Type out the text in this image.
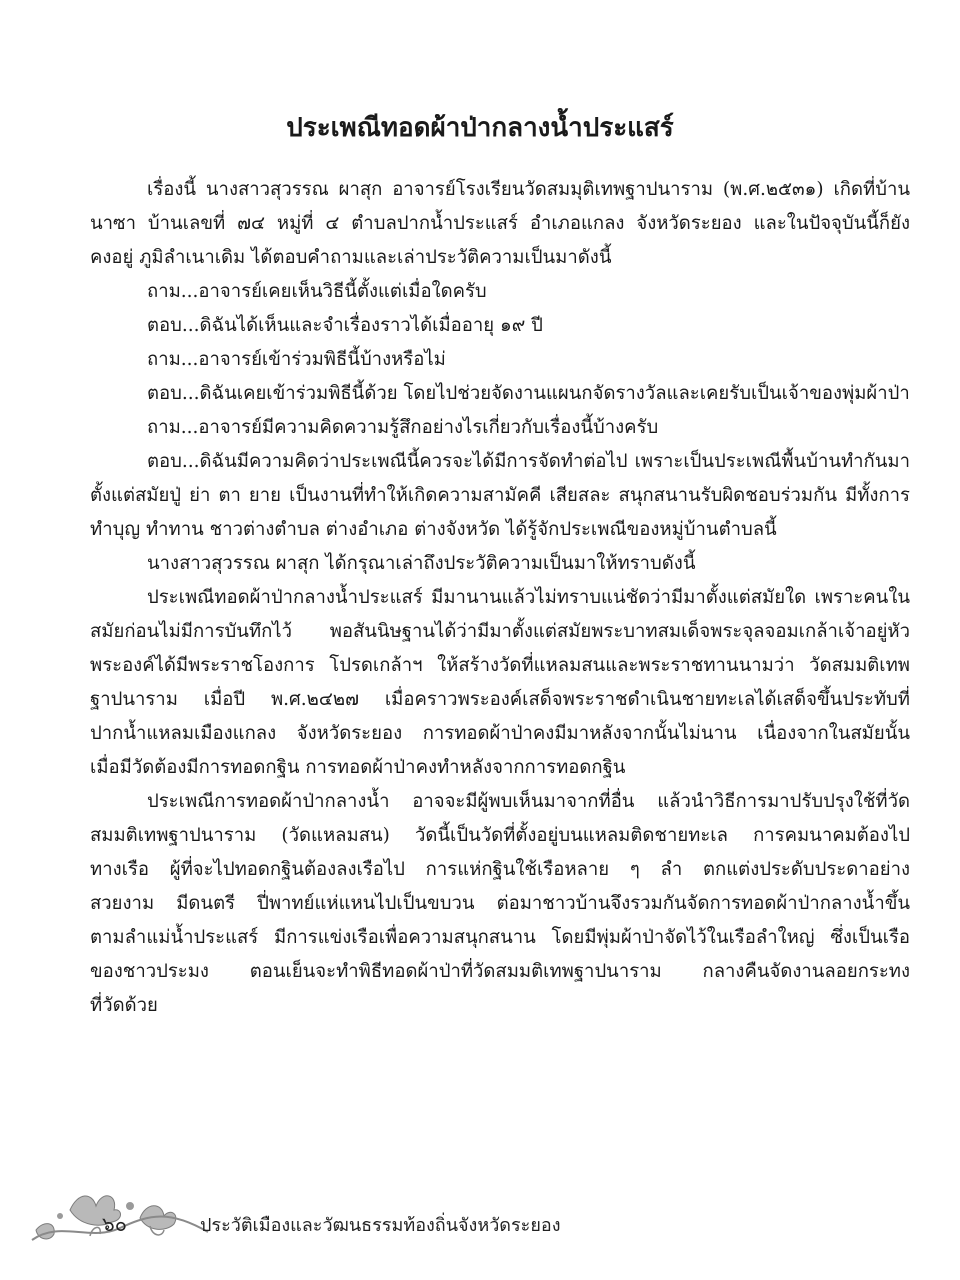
ประเพณีทอดผ้าป่ากลางน้ำประแสร์
เรื่องนี้ นางสาวสุวรรณ ผาสุก อาจารย์โรงเรียนวัดสมมุติเทพฐาปนาราม (พ.ศ.๒๕๓๑) เกิดที่บ้าน
นาซา บ้านเลขที่ ๗๔ หมู่ที่ ๔ ตำบลปากน้ำประแสร์ อำเภอแกลง จังหวัดระยอง และในปัจจุบันนี้ก็ยัง
คงอยู่ ภูมิลำเนาเดิม ได้ตอบคำถามและเล่าประวัติความเป็นมาดังนี้
ถาม...อาจารย์เคยเห็นวิธีนี้ตั้งแต่เมื่อใดครับ
ตอบ...ดิฉันได้เห็นและจำเรื่องราวได้เมื่ออายุ ๑๙ ปี
ถาม...อาจารย์เข้าร่วมพิธีนี้บ้างหรือไม่
ตอบ...ดิฉันเคยเข้าร่วมพิธีนี้ด้วย โดยไปช่วยจัดงานแผนกจัดรางวัลและเคยรับเป็นเจ้าของพุ่มผ้าป่า
ถาม...อาจารย์มีความคิดความรู้สึกอย่างไรเกี่ยวกับเรื่องนี้บ้างครับ
ตอบ...ดิฉันมีความคิดว่าประเพณีนี้ควรจะได้มีการจัดทำต่อไป เพราะเป็นประเพณีพื้นบ้านทำกันมา
ตั้งแต่สมัยปู่ ย่า ตา ยาย เป็นงานที่ทำให้เกิดความสามัคคี เสียสละ สนุกสนานรับผิดชอบร่วมกัน มีทั้งการ
ทำบุญ ทำทาน ชาวต่างตำบล ต่างอำเภอ ต่างจังหวัด ได้รู้จักประเพณีของหมู่บ้านตำบลนี้
นางสาวสุวรรณ ผาสุก ได้กรุณาเล่าถึงประวัติความเป็นมาให้ทราบดังนี้
ประเพณีทอดผ้าป่ากลางน้ำประแสร์ มีมานานแล้วไม่ทราบแน่ชัดว่ามีมาตั้งแต่สมัยใด เพราะคนใน
สมัยก่อนไม่มีการบันทึกไว้ พอสันนิษฐานได้ว่ามีมาตั้งแต่สมัยพระบาทสมเด็จพระจุลจอมเกล้าเจ้าอยู่หัว
พระองค์ได้มีพระราชโองการ โปรดเกล้าฯ ให้สร้างวัดที่แหลมสนและพระราชทานนามว่า วัดสมมติเทพ
ฐาปนาราม เมื่อปี พ.ศ.๒๔๒๗ เมื่อคราวพระองค์เสด็จพระราชดำเนินชายทะเลได้เสด็จขึ้นประทับที่
ปากน้ำแหลมเมืองแกลง จังหวัดระยอง การทอดผ้าป่าคงมีมาหลังจากนั้นไม่นาน เนื่องจากในสมัยนั้น
เมื่อมีวัดต้องมีการทอดกฐิน การทอดผ้าป่าคงทำหลังจากการทอดกฐิน
ประเพณีการทอดผ้าป่ากลางน้ำ อาจจะมีผู้พบเห็นมาจากที่อื่น แล้วนำวิธีการมาปรับปรุงใช้ที่วัด
สมมติเทพฐาปนาราม (วัดแหลมสน) วัดนี้เป็นวัดที่ตั้งอยู่บนแหลมติดชายทะเล การคมนาคมต้องไป
ทางเรือ ผู้ที่จะไปทอดกฐินต้องลงเรือไป การแห่กฐินใช้เรือหลาย ๆ ลำ ตกแต่งประดับประดาอย่าง
สวยงาม มีดนตรี ปี่พาทย์แห่แหนไปเป็นขบวน ต่อมาชาวบ้านจึงรวมกันจัดการทอดผ้าป่ากลางน้ำขึ้น
ตามลำแม่น้ำประแสร์ มีการแข่งเรือเพื่อความสนุกสนาน โดยมีพุ่มผ้าป่าจัดไว้ในเรือลำใหญ่ ซึ่งเป็นเรือ
ของชาวประมง ตอนเย็นจะทำพิธีทอดผ้าป่าที่วัดสมมติเทพฐาปนาราม กลางคืนจัดงานลอยกระทง
ที่วัดด้วย
๖๐	ประวัติเมืองและวัฒนธรรมท้องถิ่นจังหวัดระยอง
